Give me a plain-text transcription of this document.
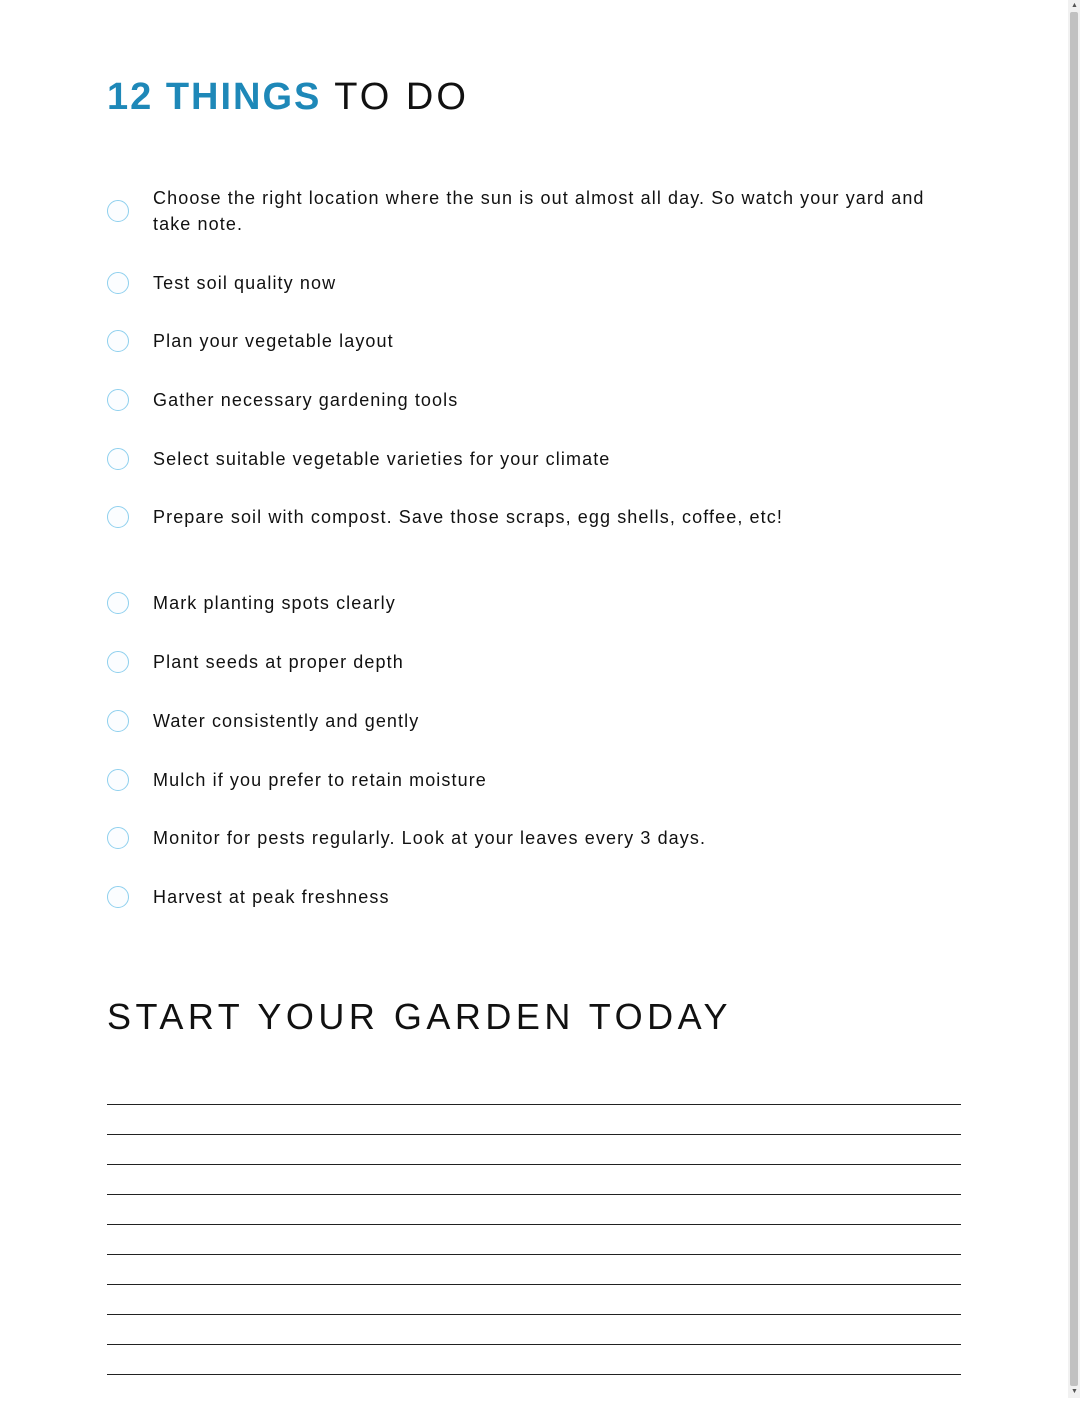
12 THINGS TO DO
Choose the right location where the sun is out almost all day. So watch your yard and take note.
Test soil quality now
Plan your vegetable layout
Gather necessary gardening tools
Select suitable vegetable varieties for your climate
Prepare soil with compost. Save those scraps, egg shells, coffee, etc!
Mark planting spots clearly
Plant seeds at proper depth
Water consistently and gently
Mulch if you prefer to retain moisture
Monitor for pests regularly. Look at your leaves every 3 days.
Harvest at peak freshness
START YOUR GARDEN TODAY
▲
▼
